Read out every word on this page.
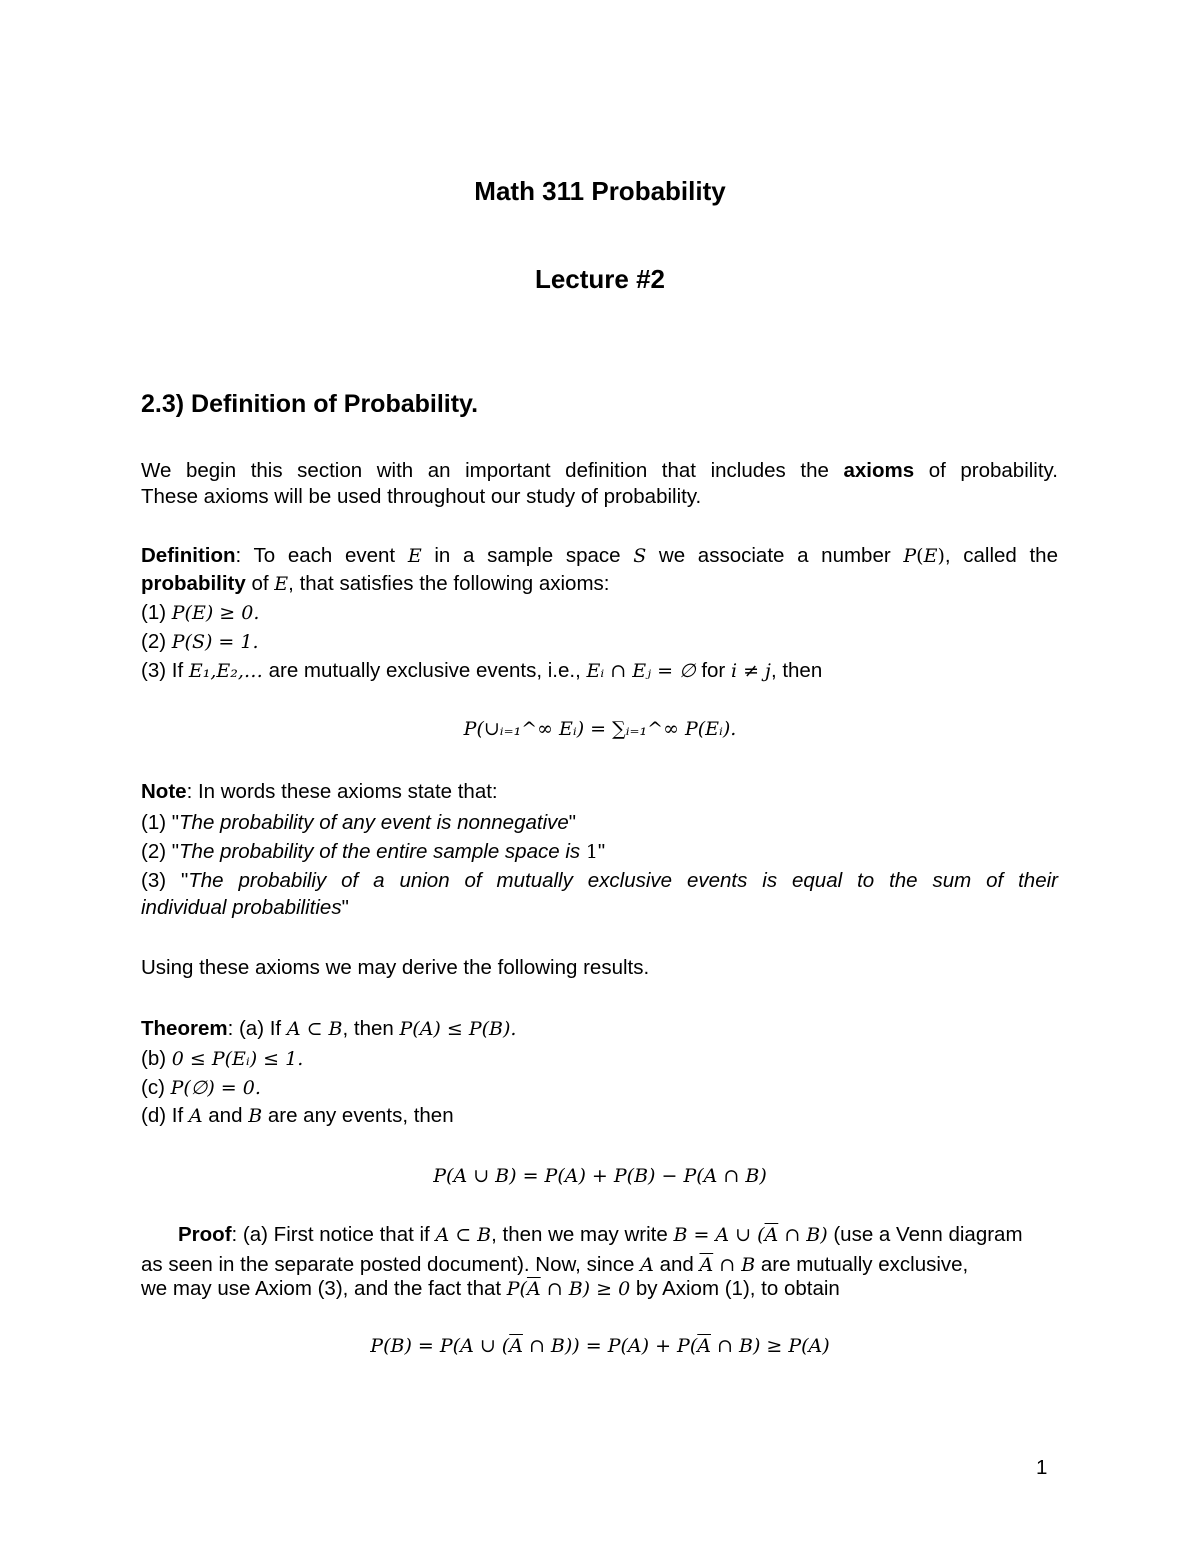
Math 311 Probability
Lecture #2
2.3) Definition of Probability.
We begin this section with an important definition that includes the axioms of probability.
These axioms will be used throughout our study of probability.
Definition: To each event E in a sample space S we associate a number P(E), called the
probability of E, that satisfies the following axioms:
(1) P(E) ≥ 0.
(2) P(S) = 1.
(3) If E₁,E₂,… are mutually exclusive events, i.e., Eᵢ ∩ Eⱼ = ∅ for i ≠ j, then
P(∪ᵢ₌₁^∞ Eᵢ) = ∑ᵢ₌₁^∞ P(Eᵢ).
Note: In words these axioms state that:
(1) "The probability of any event is nonnegative"
(2) "The probability of the entire sample space is 1"
(3) "The probabiliy of a union of mutually exclusive events is equal to the sum of their
individual probabilities"
Using these axioms we may derive the following results.
Theorem: (a) If A ⊂ B, then P(A) ≤ P(B).
(b) 0 ≤ P(Eᵢ) ≤ 1.
(c) P(∅) = 0.
(d) If A and B are any events, then
P(A ∪ B) = P(A) + P(B) − P(A ∩ B)
Proof: (a) First notice that if A ⊂ B, then we may write B = A ∪ ($\overline{A}$ ∩ B) (use a Venn diagram
as seen in the separate posted document). Now, since A and $\overline{A}$ ∩ B are mutually exclusive,
we may use Axiom (3), and the fact that $P(\overline{A}$ ∩ B) ≥ 0 by Axiom (1), to obtain
P(B) = P(A ∪ ($\overline{A}$ ∩ $B)) = P(A) + P(\overline{A}$ ∩ B) ≥ P(A)
1
